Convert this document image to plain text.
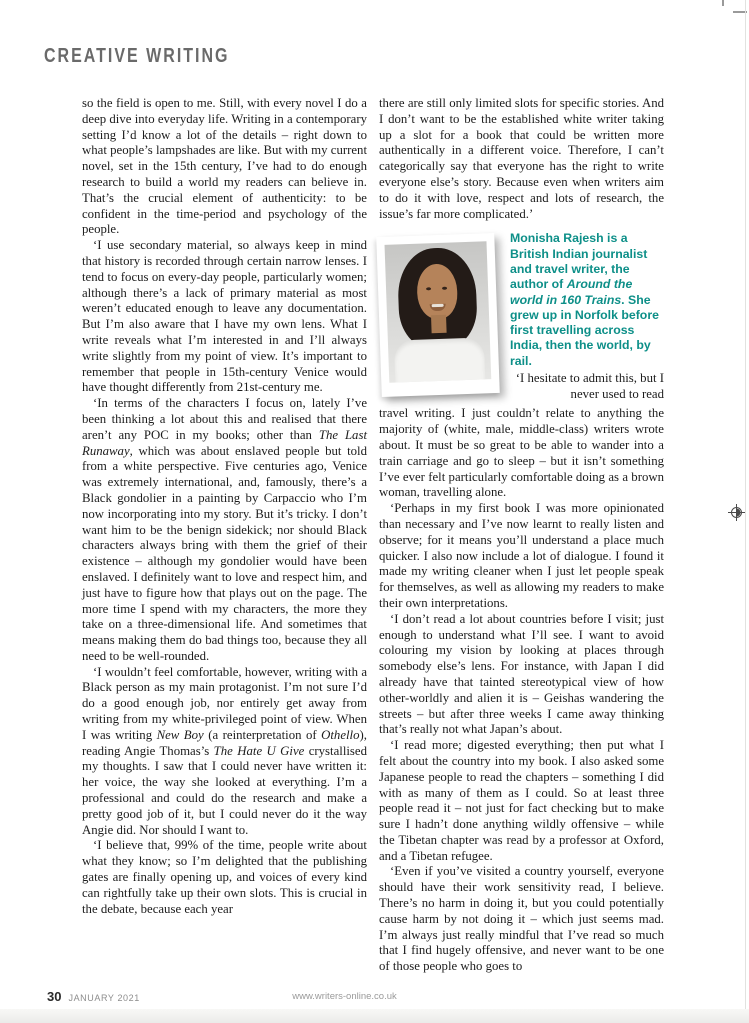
CREATIVE WRITING

so the field is open to me. Still, with every novel I do a deep dive into everyday life. Writing in a contemporary setting I’d know a lot of the details – right down to what people’s lampshades are like. But with my current novel, set in the 15th century, I’ve had to do enough research to build a world my readers can believe in. That’s the crucial element of authenticity: to be confident in the time-period and psychology of the people.

‘I use secondary material, so always keep in mind that history is recorded through certain narrow lenses. I tend to focus on every-day people, particularly women; although there’s a lack of primary material as most weren’t educated enough to leave any documentation. But I’m also aware that I have my own lens. What I write reveals what I’m interested in and I’ll always write slightly from my point of view. It’s important to remember that people in 15th-century Venice would have thought differently from 21st-century me.

‘In terms of the characters I focus on, lately I’ve been thinking a lot about this and realised that there aren’t any POC in my books; other than The Last Runaway, which was about enslaved people but told from a white perspective. Five centuries ago, Venice was extremely international, and, famously, there’s a Black gondolier in a painting by Carpaccio who I’m now incorporating into my story. But it’s tricky. I don’t want him to be the benign sidekick; nor should Black characters always bring with them the grief of their existence – although my gondolier would have been enslaved. I definitely want to love and respect him, and just have to figure how that plays out on the page. The more time I spend with my characters, the more they take on a three-dimensional life. And sometimes that means making them do bad things too, because they all need to be well-rounded.

‘I wouldn’t feel comfortable, however, writing with a Black person as my main protagonist. I’m not sure I’d do a good enough job, nor entirely get away from writing from my white-privileged point of view. When I was writing New Boy (a reinterpretation of Othello), reading Angie Thomas’s The Hate U Give crystallised my thoughts. I saw that I could never have written it: her voice, the way she looked at everything. I’m a professional and could do the research and make a pretty good job of it, but I could never do it the way Angie did. Nor should I want to.

‘I believe that, 99% of the time, people write about what they know; so I’m delighted that the publishing gates are finally opening up, and voices of every kind can rightfully take up their own slots. This is crucial in the debate, because each year

there are still only limited slots for specific stories. And I don’t want to be the established white writer taking up a slot for a book that could be written more authentically in a different voice. Therefore, I can’t categorically say that everyone has the right to write everyone else’s story. Because even when writers aim to do it with love, respect and lots of research, the issue’s far more complicated.’

Monisha Rajesh is a British Indian journalist and travel writer, the author of Around the world in 160 Trains. She grew up in Norfolk before first travelling across India, then the world, by rail.

‘I hesitate to admit this, but I never used to read

travel writing. I just couldn’t relate to anything the majority of (white, male, middle-class) writers wrote about. It must be so great to be able to wander into a train carriage and go to sleep – but it isn’t something I’ve ever felt particularly comfortable doing as a brown woman, travelling alone.

‘Perhaps in my first book I was more opinionated than necessary and I’ve now learnt to really listen and observe; for it means you’ll understand a place much quicker. I also now include a lot of dialogue. I found it made my writing cleaner when I just let people speak for themselves, as well as allowing my readers to make their own interpretations.

‘I don’t read a lot about countries before I visit; just enough to understand what I’ll see. I want to avoid colouring my vision by looking at places through somebody else’s lens. For instance, with Japan I did already have that tainted stereotypical view of how other-worldly and alien it is – Geishas wandering the streets – but after three weeks I came away thinking that’s really not what Japan’s about.

‘I read more; digested everything; then put what I felt about the country into my book. I also asked some Japanese people to read the chapters – something I did with as many of them as I could. So at least three people read it – not just for fact checking but to make sure I hadn’t done anything wildly offensive – while the Tibetan chapter was read by a professor at Oxford, and a Tibetan refugee.

‘Even if you’ve visited a country yourself, everyone should have their work sensitivity read, I believe. There’s no harm in doing it, but you could potentially cause harm by not doing it – which just seems mad. I’m always just really mindful that I’ve read so much that I find hugely offensive, and never want to be one of those people who goes to

30 JANUARY 2021	www.writers-online.co.uk
